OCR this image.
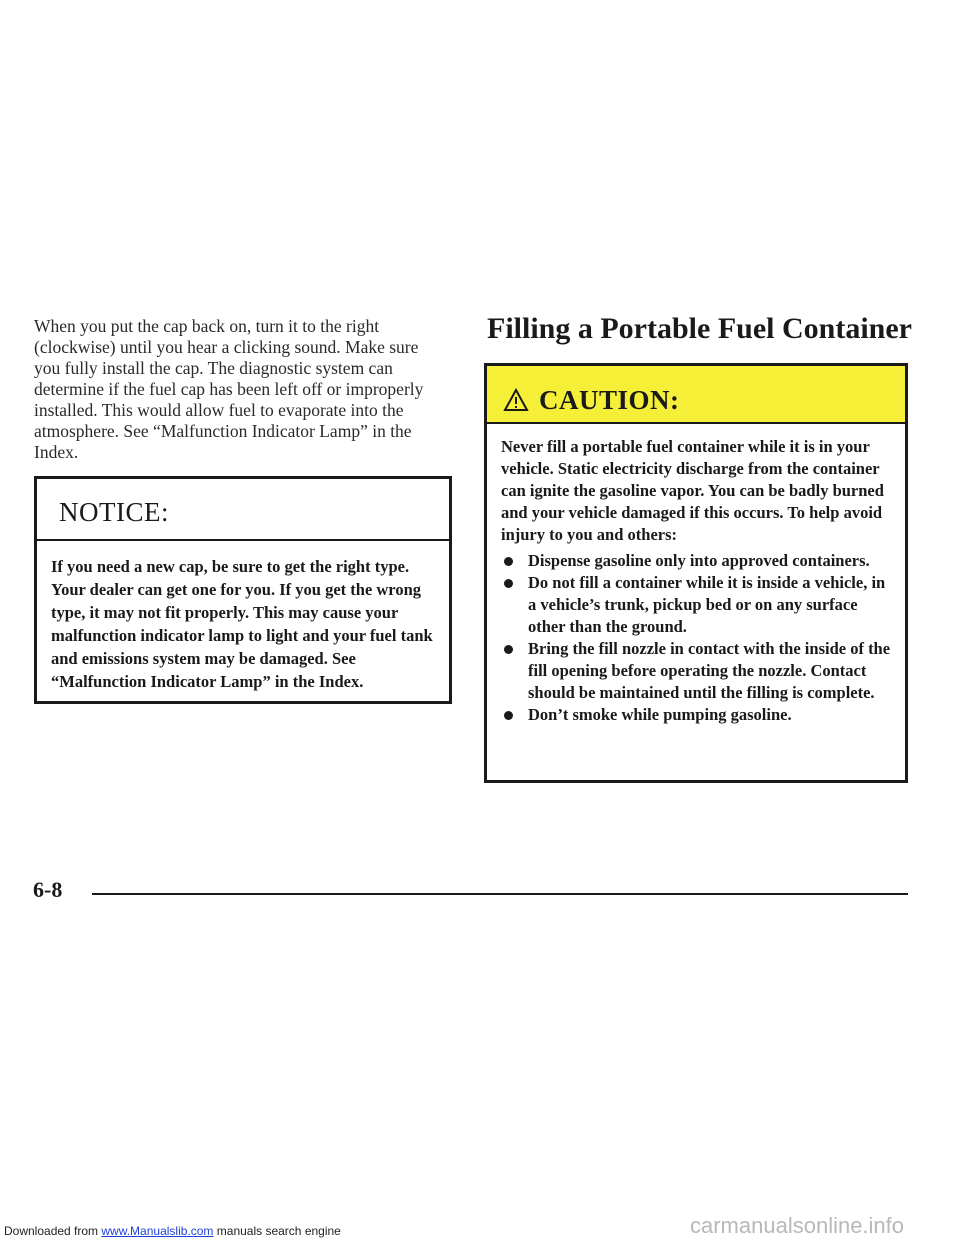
When you put the cap back on, turn it to the right (clockwise) until you hear a clicking sound. Make sure you fully install the cap. The diagnostic system can determine if the fuel cap has been left off or improperly installed. This would allow fuel to evaporate into the atmosphere. See “Malfunction Indicator Lamp” in the Index.

NOTICE:

If you need a new cap, be sure to get the right type. Your dealer can get one for you. If you get the wrong type, it may not fit properly. This may cause your malfunction indicator lamp to light and your fuel tank and emissions system may be damaged. See “Malfunction Indicator Lamp” in the Index.

Filling a Portable Fuel Container
CAUTION:

Never fill a portable fuel container while it is in your vehicle. Static electricity discharge from the container can ignite the gasoline vapor. You can be badly burned and your vehicle damaged if this occurs. To help avoid injury to you and others:

Dispense gasoline only into approved containers.
Do not fill a container while it is inside a vehicle, in a vehicle’s trunk, pickup bed or on any surface other than the ground.
Bring the fill nozzle in contact with the inside of the fill opening before operating the nozzle. Contact should be maintained until the filling is complete.
Don’t smoke while pumping gasoline.
6-8
Downloaded from www.Manualslib.com manuals search engine	carmanualsonline.info
